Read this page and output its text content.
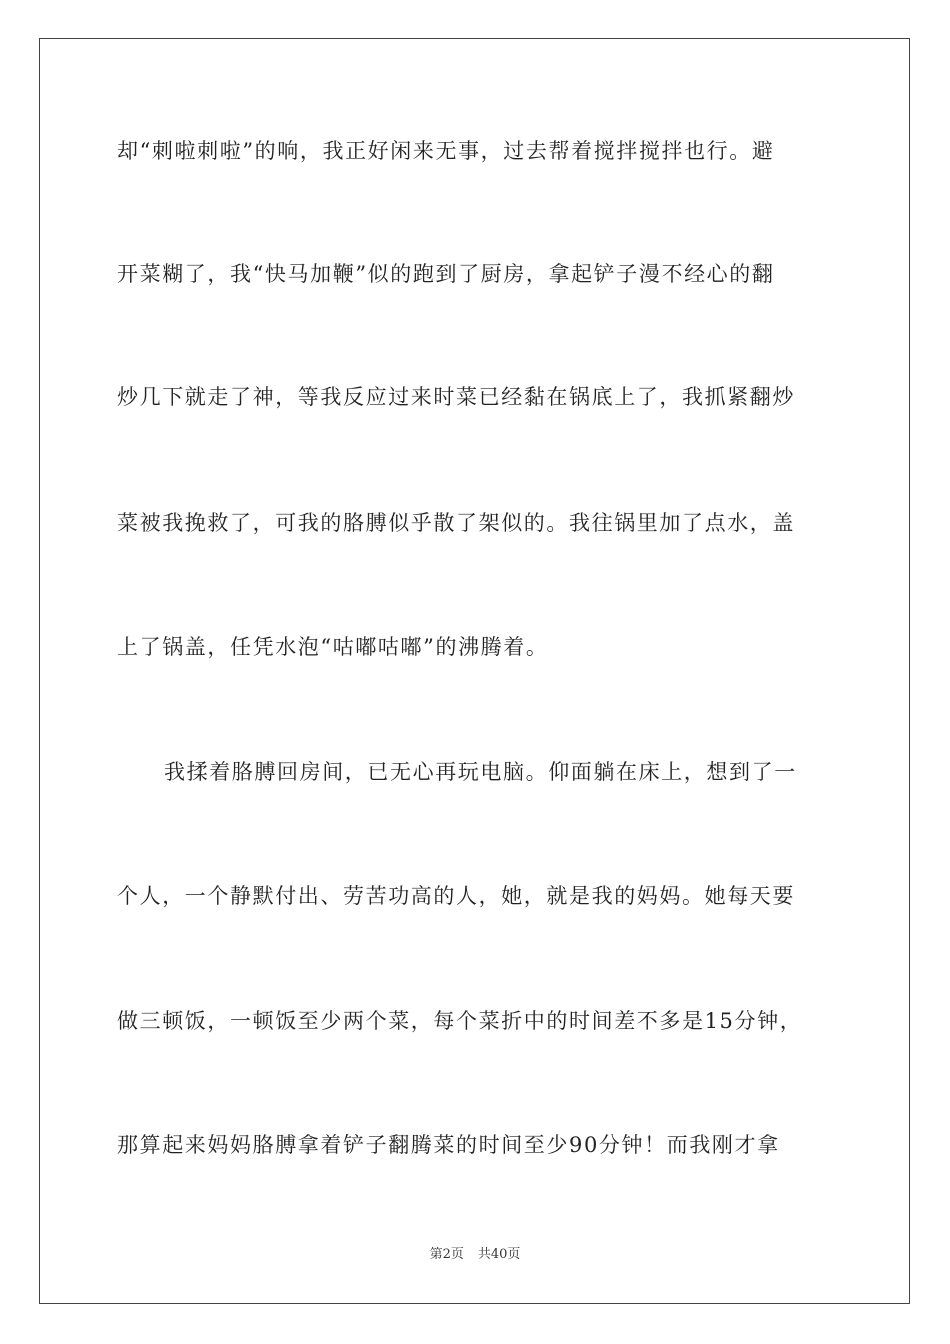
却“刺啦刺啦”的响，我正好闲来无事，过去帮着搅拌搅拌也行。避
开菜糊了，我“快马加鞭”似的跑到了厨房，拿起铲子漫不经心的翻
炒几下就走了神，等我反应过来时菜已经黏在锅底上了，我抓紧翻炒
菜被我挽救了，可我的胳膊似乎散了架似的。我往锅里加了点水，盖
上了锅盖，任凭水泡“咕嘟咕嘟”的沸腾着。
我揉着胳膊回房间，已无心再玩电脑。仰面躺在床上，想到了一
个人，一个静默付出、劳苦功高的人，她，就是我的妈妈。她每天要
做三顿饭，一顿饭至少两个菜，每个菜折中的时间差不多是15分钟，
那算起来妈妈胳膊拿着铲子翻腾菜的时间至少90分钟！而我刚才拿
第2页 共40页
